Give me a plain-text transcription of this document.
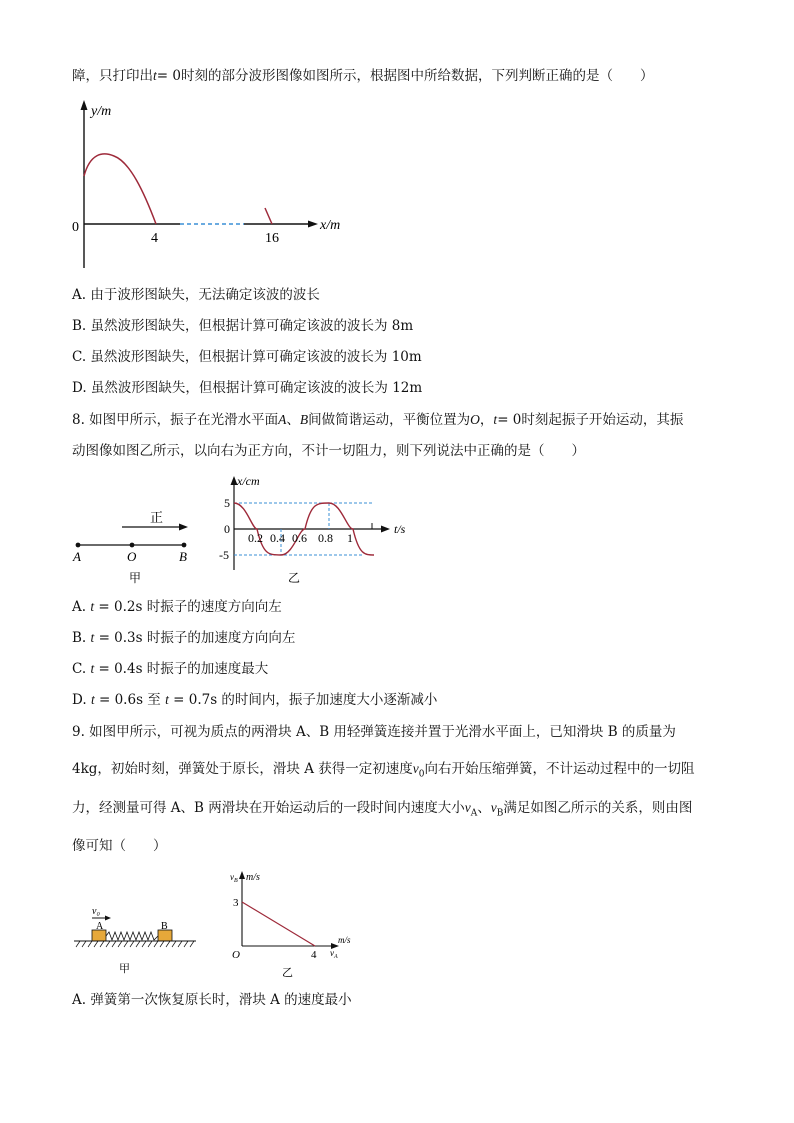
障，只打印出t= 0时刻的部分波形图像如图所示，根据图中所给数据，下列判断正确的是（　　）
y/m
x/m
0
4	16
A. 由于波形图缺失，无法确定该波的波长
B. 虽然波形图缺失，但根据计算可确定该波的波长为 8m
C. 虽然波形图缺失，但根据计算可确定该波的波长为 10m
D. 虽然波形图缺失，但根据计算可确定该波的波长为 12m
8. 如图甲所示，振子在光滑水平面A、B间做简谐运动，平衡位置为O，t= 0时刻起振子开始运动，其振
动图像如图乙所示，以向右为正方向，不计一切阻力，则下列说法中正确的是（　　）
正
A	O	B
甲
x/cm
t/s
5
0
-5
0.2 0.4 0.6 0.8 1
乙
A. t = 0.2s 时振子的速度方向向左
B. t = 0.3s 时振子的加速度方向向左
C. t = 0.4s 时振子的加速度最大
D. t = 0.6s 至 t = 0.7s 的时间内，振子加速度大小逐渐减小
9. 如图甲所示，可视为质点的两滑块 A、B 用轻弹簧连接并置于光滑水平面上，已知滑块 B 的质量为
4kg，初始时刻，弹簧处于原长，滑块 A 获得一定初速度$v_0$向右开始压缩弹簧，不计运动过程中的一切阻
力，经测量可得 A、B 两滑块在开始运动后的一段时间内速度大小$v_A$、$v_B$满足如图乙所示的关系，则由图
像可知（　　）
v₀
A	B
甲
$v_B$ m/s
m/s
$v_A$
3
4
O
乙
A. 弹簧第一次恢复原长时，滑块 A 的速度最小
